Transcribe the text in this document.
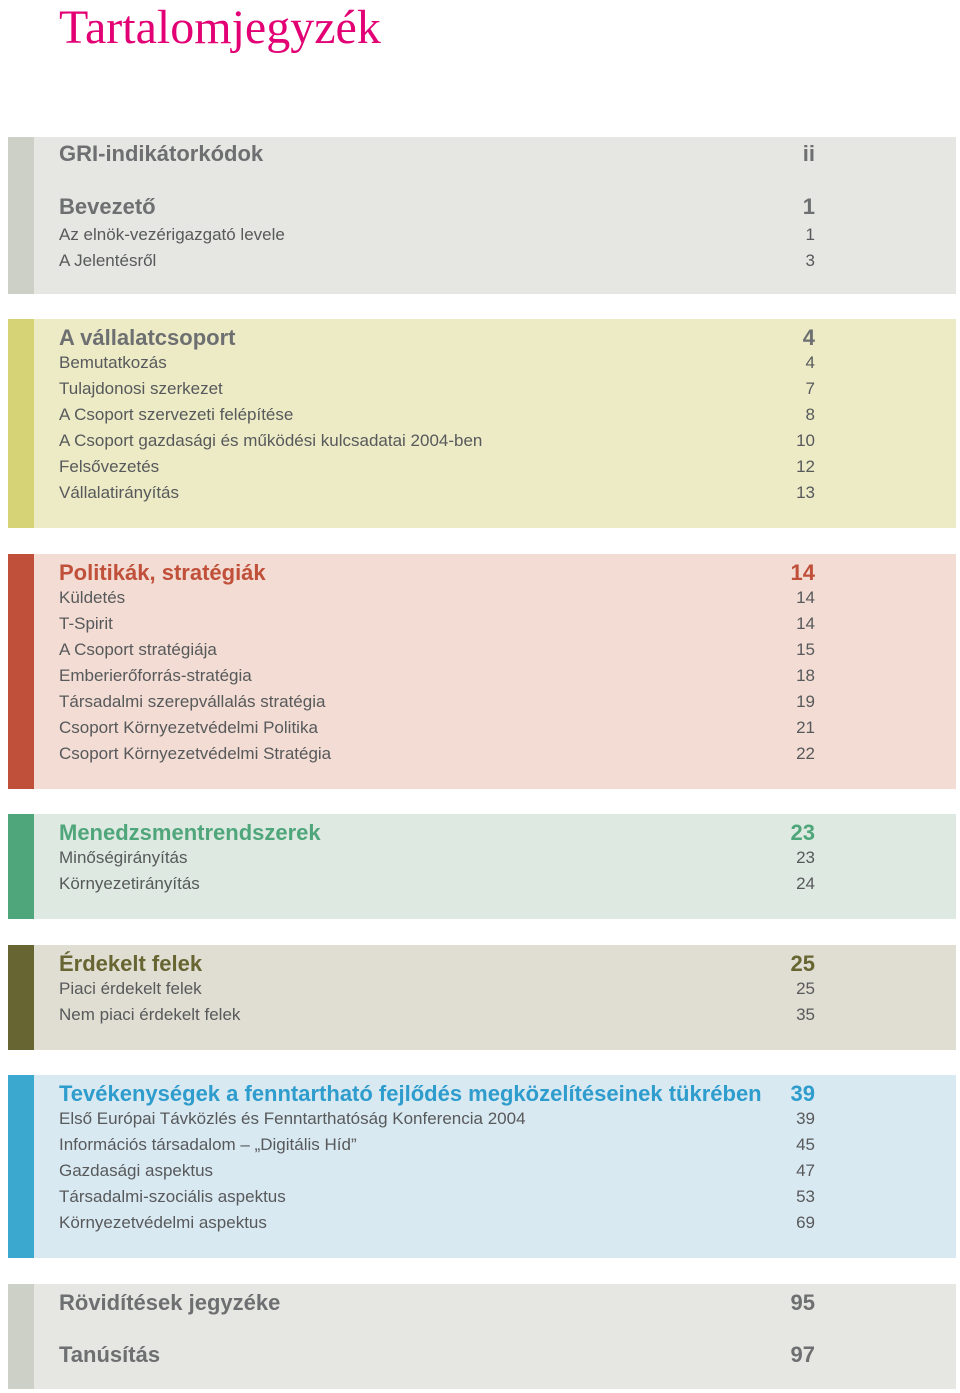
Tartalomjegyzék
GRI-indikátorkódok	ii
Bevezető	1
Az elnök-vezérigazgató levele	1
A Jelentésről	3
A vállalatcsoport	4
Bemutatkozás	4
Tulajdonosi szerkezet	7
A Csoport szervezeti felépítése	8
A Csoport gazdasági és működési kulcsadatai 2004-ben	10
Felsővezetés	12
Vállalatirányítás	13
Politikák, stratégiák	14
Küldetés	14
T-Spirit	14
A Csoport stratégiája	15
Emberierőforrás-stratégia	18
Társadalmi szerepvállalás stratégia	19
Csoport Környezetvédelmi Politika	21
Csoport Környezetvédelmi Stratégia	22
Menedzsmentrendszerek	23
Minőségirányítás	23
Környezetirányítás	24
Érdekelt felek	25
Piaci érdekelt felek	25
Nem piaci érdekelt felek	35
Tevékenységek a fenntartható fejlődés megközelítéseinek tükrében 39
Első Európai Távközlés és Fenntarthatóság Konferencia 2004	39
Információs társadalom – „Digitális Híd”	45
Gazdasági aspektus	47
Társadalmi-szociális aspektus	53
Környezetvédelmi aspektus	69
Rövidítések jegyzéke	95
Tanúsítás	97
